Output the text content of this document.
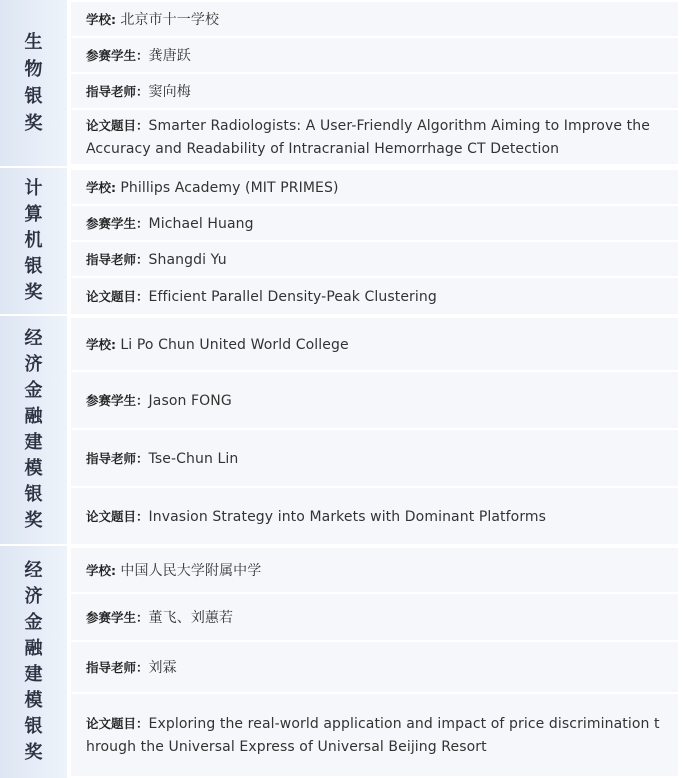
生
物
银
奖
学校: 北京市十一学校
参赛学生：龚唐跃
指导老师：窦向梅
论文题目：Smarter Radiologists: A User-Friendly Algorithm Aiming to Improve the Accuracy and Readability of Intracranial Hemorrhage CT Detection
计
算
机
银
奖
学校: Phillips Academy (MIT PRIMES)
参赛学生：Michael Huang
指导老师：Shangdi Yu
论文题目：Efficient Parallel Density-Peak Clustering
经
济
金
融
建
模
银
奖
学校: Li Po Chun United World College
参赛学生：Jason FONG
指导老师：Tse-Chun Lin
论文题目：Invasion Strategy into Markets with Dominant Platforms
经
济
金
融
建
模
银
奖
学校: 中国人民大学附属中学
参赛学生：董飞、刘蕙若
指导老师：刘霖
论文题目：Exploring the real-world application and impact of price discrimination through the Universal Express of Universal Beijing Resort
